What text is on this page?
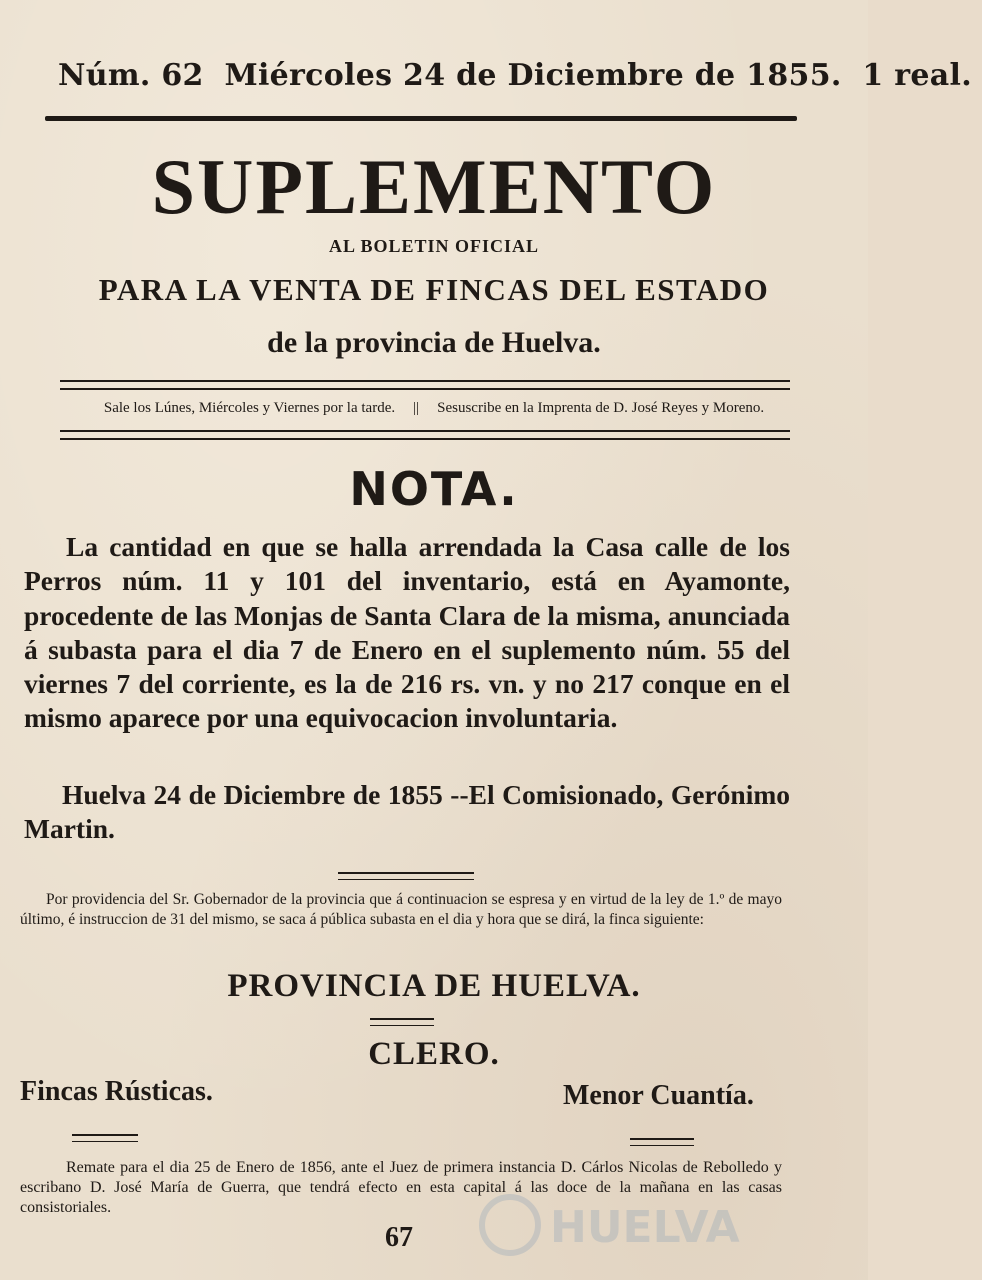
Núm. 62 Miércoles 24 de Diciembre de 1855. 1 real.
SUPLEMENTO
AL BOLETIN OFICIAL
PARA LA VENTA DE FINCAS DEL ESTADO
de la provincia de Huelva.
Sale los Lúnes, Miércoles y Viernes por la tarde. || Sesuscribe en la Imprenta de D. José Reyes y Moreno.
NOTA.
La cantidad en que se halla arrendada la Casa calle de los Perros núm. 11 y 101 del inventario, está en Ayamonte, procedente de las Monjas de Santa Clara de la misma, anunciada á subasta para el dia 7 de Enero en el suplemento núm. 55 del viernes 7 del corriente, es la de 216 rs. vn. y no 217 conque en el mismo aparece por una equivocacion involuntaria.
Huelva 24 de Diciembre de 1855 --El Comisionado, Gerónimo Martin.
Por providencia del Sr. Gobernador de la provincia que á continuacion se espresa y en virtud de la ley de 1.º de mayo último, é instruccion de 31 del mismo, se saca á pública subasta en el dia y hora que se dirá, la finca siguiente:
PROVINCIA DE HUELVA.
CLERO.
Fincas Rústicas.	Menor Cuantía.
Remate para el dia 25 de Enero de 1856, ante el Juez de primera instancia D. Cárlos Nicolas de Rebolledo y escribano D. José María de Guerra, que tendrá efecto en esta capital á las doce de la mañana en las casas consistoriales.
67	HUELVA
